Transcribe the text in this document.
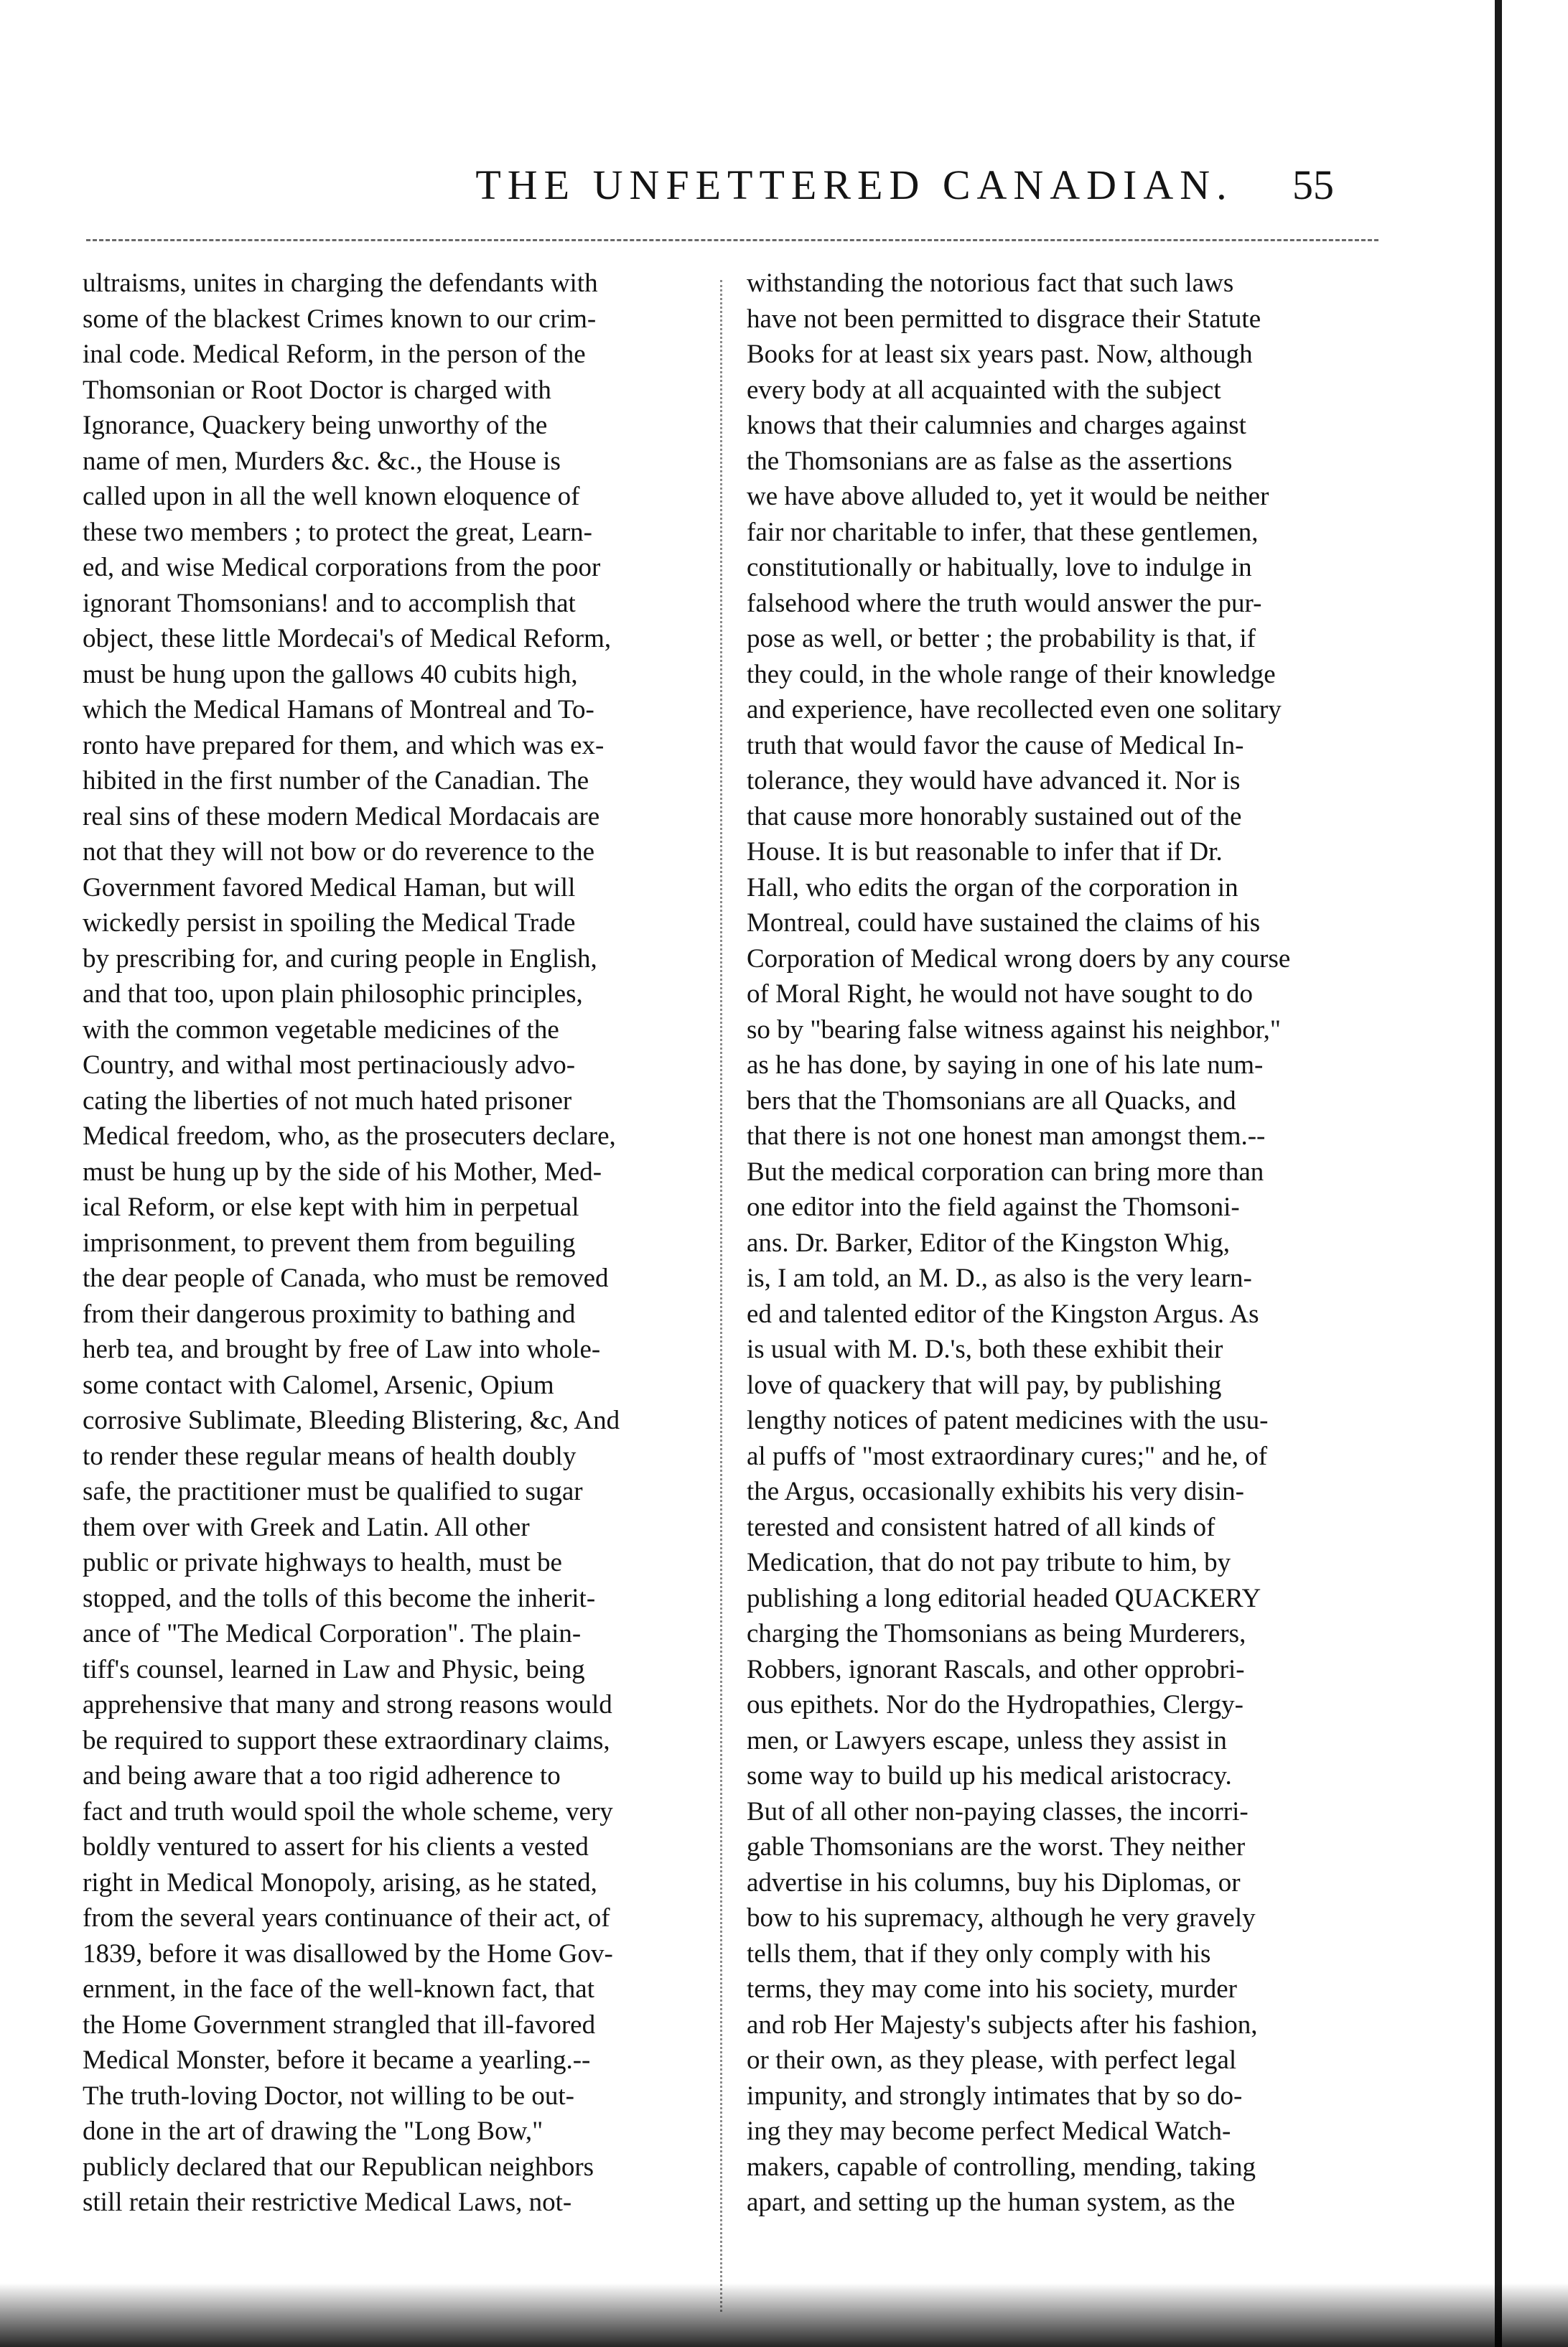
THE UNFETTERED CANADIAN.	55
ultraisms, unites in charging the defendants with
some of the blackest Crimes known to our crim-
inal code. Medical Reform, in the person of the
Thomsonian or Root Doctor is charged with
Ignorance, Quackery being unworthy of the
name of men, Murders &c. &c., the House is
called upon in all the well known eloquence of
these two members ; to protect the great, Learn-
ed, and wise Medical corporations from the poor
ignorant Thomsonians! and to accomplish that
object, these little Mordecai's of Medical Reform,
must be hung upon the gallows 40 cubits high,
which the Medical Hamans of Montreal and To-
ronto have prepared for them, and which was ex-
hibited in the first number of the Canadian. The
real sins of these modern Medical Mordacais are
not that they will not bow or do reverence to the
Government favored Medical Haman, but will
wickedly persist in spoiling the Medical Trade
by prescribing for, and curing people in English,
and that too, upon plain philosophic principles,
with the common vegetable medicines of the
Country, and withal most pertinaciously advo-
cating the liberties of not much hated prisoner
Medical freedom, who, as the prosecuters declare,
must be hung up by the side of his Mother, Med-
ical Reform, or else kept with him in perpetual
imprisonment, to prevent them from beguiling
the dear people of Canada, who must be removed
from their dangerous proximity to bathing and
herb tea, and brought by free of Law into whole-
some contact with Calomel, Arsenic, Opium
corrosive Sublimate, Bleeding Blistering, &c, And
to render these regular means of health doubly
safe, the practitioner must be qualified to sugar
them over with Greek and Latin. All other
public or private highways to health, must be
stopped, and the tolls of this become the inherit-
ance of "The Medical Corporation". The plain-
tiff's counsel, learned in Law and Physic, being
apprehensive that many and strong reasons would
be required to support these extraordinary claims,
and being aware that a too rigid adherence to
fact and truth would spoil the whole scheme, very
boldly ventured to assert for his clients a vested
right in Medical Monopoly, arising, as he stated,
from the several years continuance of their act, of
1839, before it was disallowed by the Home Gov-
ernment, in the face of the well-known fact, that
the Home Government strangled that ill-favored
Medical Monster, before it became a yearling.--
The truth-loving Doctor, not willing to be out-
done in the art of drawing the "Long Bow,"
publicly declared that our Republican neighbors
still retain their restrictive Medical Laws, not-
withstanding the notorious fact that such laws
have not been permitted to disgrace their Statute
Books for at least six years past. Now, although
every body at all acquainted with the subject
knows that their calumnies and charges against
the Thomsonians are as false as the assertions
we have above alluded to, yet it would be neither
fair nor charitable to infer, that these gentlemen,
constitutionally or habitually, love to indulge in
falsehood where the truth would answer the pur-
pose as well, or better ; the probability is that, if
they could, in the whole range of their knowledge
and experience, have recollected even one solitary
truth that would favor the cause of Medical In-
tolerance, they would have advanced it. Nor is
that cause more honorably sustained out of the
House. It is but reasonable to infer that if Dr.
Hall, who edits the organ of the corporation in
Montreal, could have sustained the claims of his
Corporation of Medical wrong doers by any course
of Moral Right, he would not have sought to do
so by "bearing false witness against his neighbor,"
as he has done, by saying in one of his late num-
bers that the Thomsonians are all Quacks, and
that there is not one honest man amongst them.--
But the medical corporation can bring more than
one editor into the field against the Thomsoni-
ans. Dr. Barker, Editor of the Kingston Whig,
is, I am told, an M. D., as also is the very learn-
ed and talented editor of the Kingston Argus. As
is usual with M. D.'s, both these exhibit their
love of quackery that will pay, by publishing
lengthy notices of patent medicines with the usu-
al puffs of "most extraordinary cures;" and he, of
the Argus, occasionally exhibits his very disin-
terested and consistent hatred of all kinds of
Medication, that do not pay tribute to him, by
publishing a long editorial headed QUACKERY
charging the Thomsonians as being Murderers,
Robbers, ignorant Rascals, and other opprobri-
ous epithets. Nor do the Hydropathies, Clergy-
men, or Lawyers escape, unless they assist in
some way to build up his medical aristocracy.
But of all other non-paying classes, the incorri-
gable Thomsonians are the worst. They neither
advertise in his columns, buy his Diplomas, or
bow to his supremacy, although he very gravely
tells them, that if they only comply with his
terms, they may come into his society, murder
and rob Her Majesty's subjects after his fashion,
or their own, as they please, with perfect legal
impunity, and strongly intimates that by so do-
ing they may become perfect Medical Watch-
makers, capable of controlling, mending, taking
apart, and setting up the human system, as the
